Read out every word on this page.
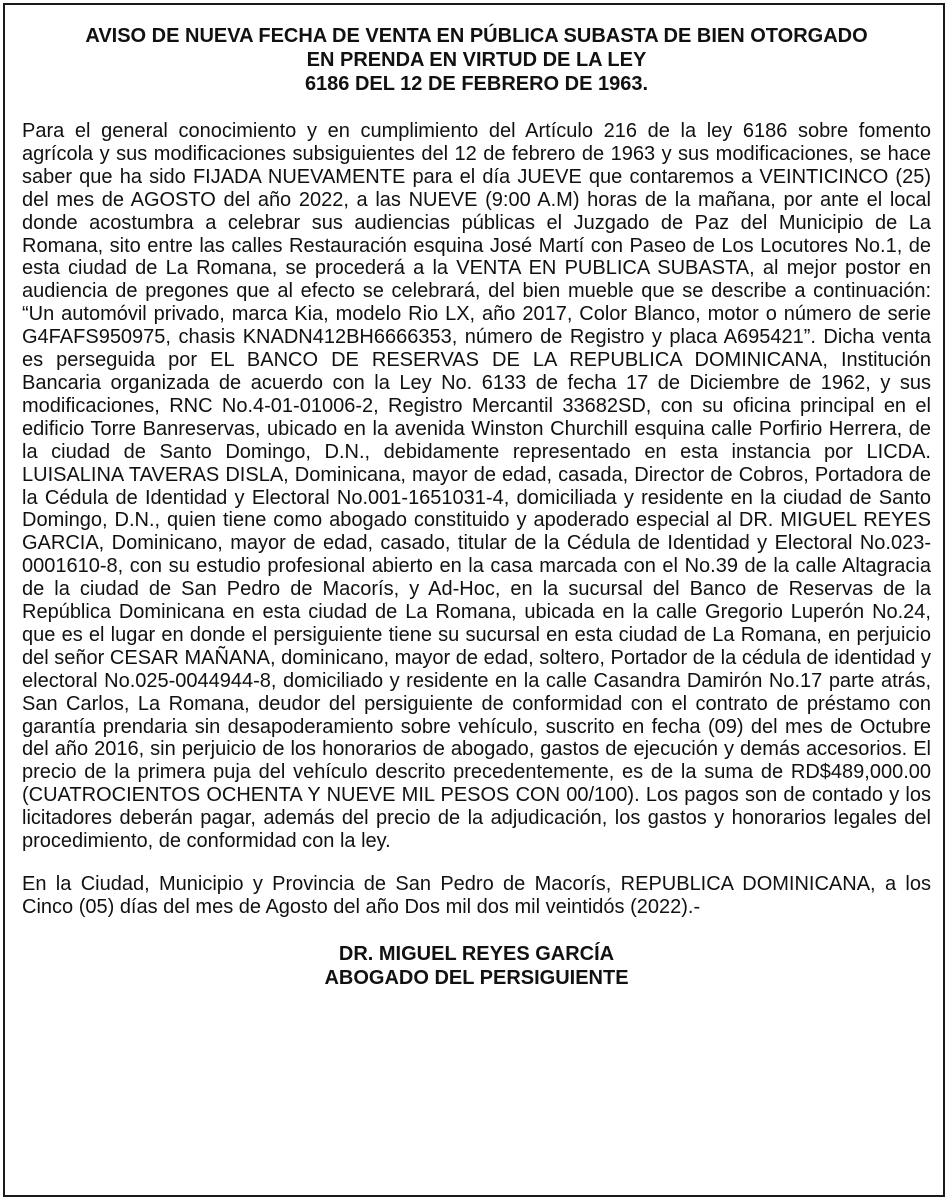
AVISO DE NUEVA FECHA DE VENTA EN PÚBLICA SUBASTA DE BIEN OTORGADO
EN PRENDA EN VIRTUD DE LA LEY
6186 DEL 12 DE FEBRERO DE 1963.

Para el general conocimiento y en cumplimiento del Artículo 216 de la ley 6186 sobre fomento agrícola y sus modificaciones subsiguientes del 12 de febrero de 1963 y sus modificaciones, se hace saber que ha sido FIJADA NUEVAMENTE para el día JUEVE que contaremos a VEINTICINCO (25) del mes de AGOSTO del año 2022, a las NUEVE (9:00 A.M) horas de la mañana, por ante el local donde acostumbra a celebrar sus audiencias públicas el Juzgado de Paz del Municipio de La Romana, sito entre las calles Restauración esquina José Martí con Paseo de Los Locutores No.1, de esta ciudad de La Romana, se procederá a la VENTA EN PUBLICA SUBASTA, al mejor postor en audiencia de pregones que al efecto se celebrará, del bien mueble que se describe a continuación: “Un automóvil privado, marca Kia, modelo Rio LX, año 2017, Color Blanco, motor o número de serie G4FAFS950975, chasis KNADN412BH6666353, número de Registro y placa A695421”. Dicha venta es perseguida por EL BANCO DE RESERVAS DE LA REPUBLICA DOMINICANA, Institución Bancaria organizada de acuerdo con la Ley No. 6133 de fecha 17 de Diciembre de 1962, y sus modificaciones, RNC No.4-01-01006-2, Registro Mercantil 33682SD, con su oficina principal en el edificio Torre Banreservas, ubicado en la avenida Winston Churchill esquina calle Porfirio Herrera, de la ciudad de Santo Domingo, D.N., debidamente representado en esta instancia por LICDA. LUISALINA TAVERAS DISLA, Dominicana, mayor de edad, casada, Director de Cobros, Portadora de la Cédula de Identidad y Electoral No.001-1651031-4, domiciliada y residente en la ciudad de Santo Domingo, D.N., quien tiene como abogado constituido y apoderado especial al DR. MIGUEL REYES GARCIA, Dominicano, mayor de edad, casado, titular de la Cédula de Identidad y Electoral No.023-0001610-8, con su estudio profesional abierto en la casa marcada con el No.39 de la calle Altagracia de la ciudad de San Pedro de Macorís, y Ad-Hoc, en la sucursal del Banco de Reservas de la República Dominicana en esta ciudad de La Romana, ubicada en la calle Gregorio Luperón No.24, que es el lugar en donde el persiguiente tiene su sucursal en esta ciudad de La Romana, en perjuicio del señor CESAR MAÑANA, dominicano, mayor de edad, soltero, Portador de la cédula de identidad y electoral No.025-0044944-8, domiciliado y residente en la calle Casandra Damirón No.17 parte atrás, San Carlos, La Romana, deudor del persiguiente de conformidad con el contrato de préstamo con garantía prendaria sin desapoderamiento sobre vehículo, suscrito en fecha (09) del mes de Octubre del año 2016, sin perjuicio de los honorarios de abogado, gastos de ejecución y demás accesorios. El precio de la primera puja del vehículo descrito precedentemente, es de la suma de RD$489,000.00 (CUATROCIENTOS OCHENTA Y NUEVE MIL PESOS CON 00/100). Los pagos son de contado y los licitadores deberán pagar, además del precio de la adjudicación, los gastos y honorarios legales del procedimiento, de conformidad con la ley.

En la Ciudad, Municipio y Provincia de San Pedro de Macorís, REPUBLICA DOMINICANA, a los Cinco (05) días del mes de Agosto del año Dos mil dos mil veintidós (2022).-

DR. MIGUEL REYES GARCÍA
ABOGADO DEL PERSIGUIENTE
